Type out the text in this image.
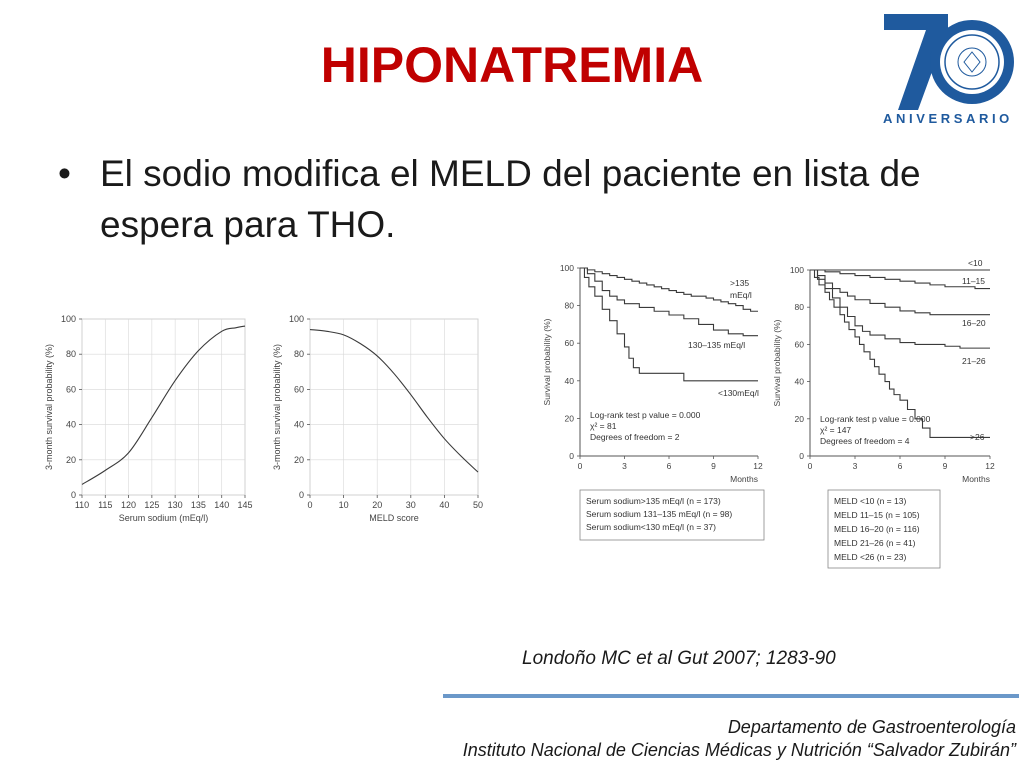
HIPONATREMIA
• El sodio modifica el MELD del paciente en lista de espera para THO.
ANIVERSARIO
0
20
40
60
80
100
110 115 120 125 130 135 140 145
Serum sodium (mEq/l)
3-month survival probability (%)
0
20
40
60
80
100
0	10	20	30	40	50
MELD score
3-month survival probability (%)	0
20
40
60
80
100
0	3	6	9	12
Months
Survival probability (%)
>135
mEq/l
130–135 mEq/l
<130mEq/l
Log-rank test p value = 0.000
χ² = 81
Degrees of freedom = 2
Serum sodium>135 mEq/l (n = 173)
Serum sodium 131–135 mEq/l (n = 98)
Serum sodium<130 mEq/l (n = 37)
0
20
40
60
80
100
0	3	6	9	12
Months
Survival probability (%)
<10
11–15
16–20
21–26
>26
Log-rank test p value = 0.000
χ² = 147
Degrees of freedom = 4
MELD <10 (n = 13)
MELD 11–15 (n = 105)
MELD 16–20 (n = 116)
MELD 21–26 (n = 41)
MELD <26 (n = 23)
Londoño MC et al Gut 2007; 1283-90
Departamento de Gastroenterología
Instituto Nacional de Ciencias Médicas y Nutrición “Salvador Zubirán”
